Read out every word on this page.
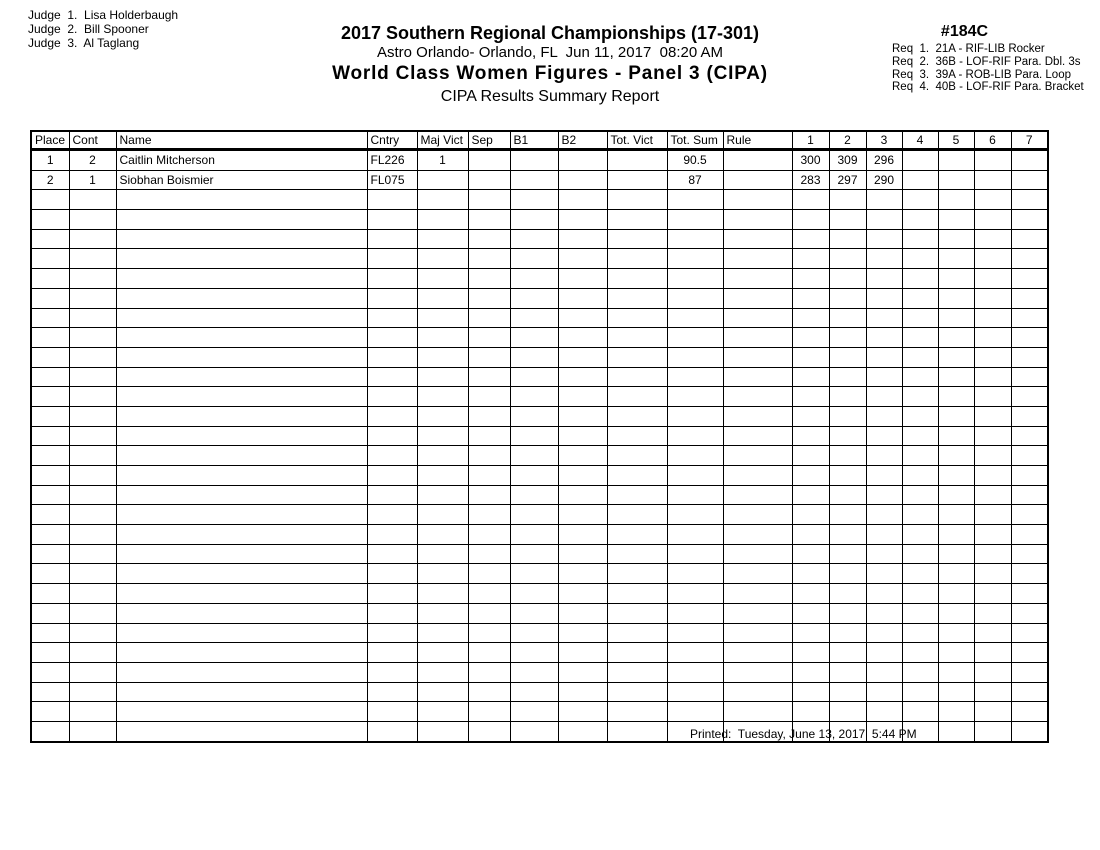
Judge  1.  Lisa Holderbaugh
Judge  2.  Bill Spooner
Judge  3.  Al Taglang	2017 Southern Regional Championships (17-301)
Astro Orlando- Orlando, FL  Jun 11, 2017  08:20 AM
World Class Women Figures - Panel 3 (CIPA)
CIPA Results Summary Report
#184C
Req  1.  21A - RIF-LIB Rocker
Req  2.  36B - LOF-RIF Para. Dbl. 3s
Req  3.  39A - ROB-LIB Para. Loop
Req  4.  40B - LOF-RIF Para. Bracket
Place	Cont	Name	Cntry	Maj Vict	Sep	B1	B2	Tot. Vict	Tot. Sum	Rule	1	2	3	4	5	6	7
1	2	Caitlin Mitcherson	FL226	1					90.5		300	309	296				
2	1	Siobhan Boismier	FL075						87		283	297	290				

Printed:  Tuesday, June 13, 2017  5:44 PM
